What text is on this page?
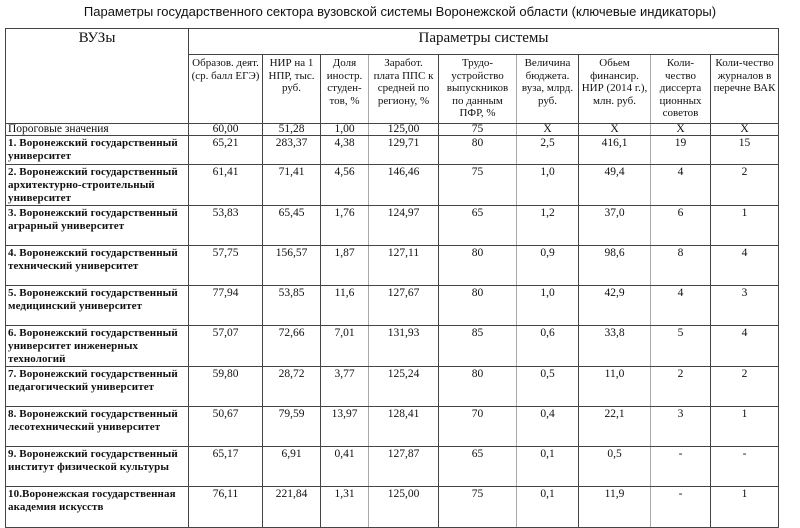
Параметры государственного сектора вузовской системы Воронежской области (ключевые индикаторы)
ВУЗы	Параметры системы								
	Образов. деят. (ср. балл ЕГЭ)	НИР на 1 НПР, тыс. руб.	Доля иностр. студен-тов, %	Заработ. плата ППС к средней по региону, %	Трудо-устройство выпускников по данным ПФР, %	Величина бюджета. вуза, млрд. руб.	Обьем финансир. НИР (2014 г.), млн. руб.	Коли-чество диссерта ционных советов	Коли-чество журналов в перечне ВАК
Пороговые значения	60,00	51,28	1,00	125,00	75	Х	Х	Х	Х
1. Воронежский государственный университет	65,21	283,37	4,38	129,71	80	2,5	416,1	19	15
2. Воронежский государственный архитектурно-строительный университет	61,41	71,41	4,56	146,46	75	1,0	49,4	4	2
3. Воронежский государственный аграрный университет	53,83	65,45	1,76	124,97	65	1,2	37,0	6	1
4. Воронежский государственный технический университет	57,75	156,57	1,87	127,11	80	0,9	98,6	8	4
5. Воронежский государственный медицинский университет	77,94	53,85	11,6	127,67	80	1,0	42,9	4	3
6. Воронежский государственный университет инженерных технологий	57,07	72,66	7,01	131,93	85	0,6	33,8	5	4
7. Воронежский государственный педагогический университет	59,80	28,72	3,77	125,24	80	0,5	11,0	2	2
8. Воронежский государственный лесотехнический университет	50,67	79,59	13,97	128,41	70	0,4	22,1	3	1
9. Воронежский государственный институт физической культуры	65,17	6,91	0,41	127,87	65	0,1	0,5	-	-
10.Воронежская государственная академия искусств	76,11	221,84	1,31	125,00	75	0,1	11,9	-	1
